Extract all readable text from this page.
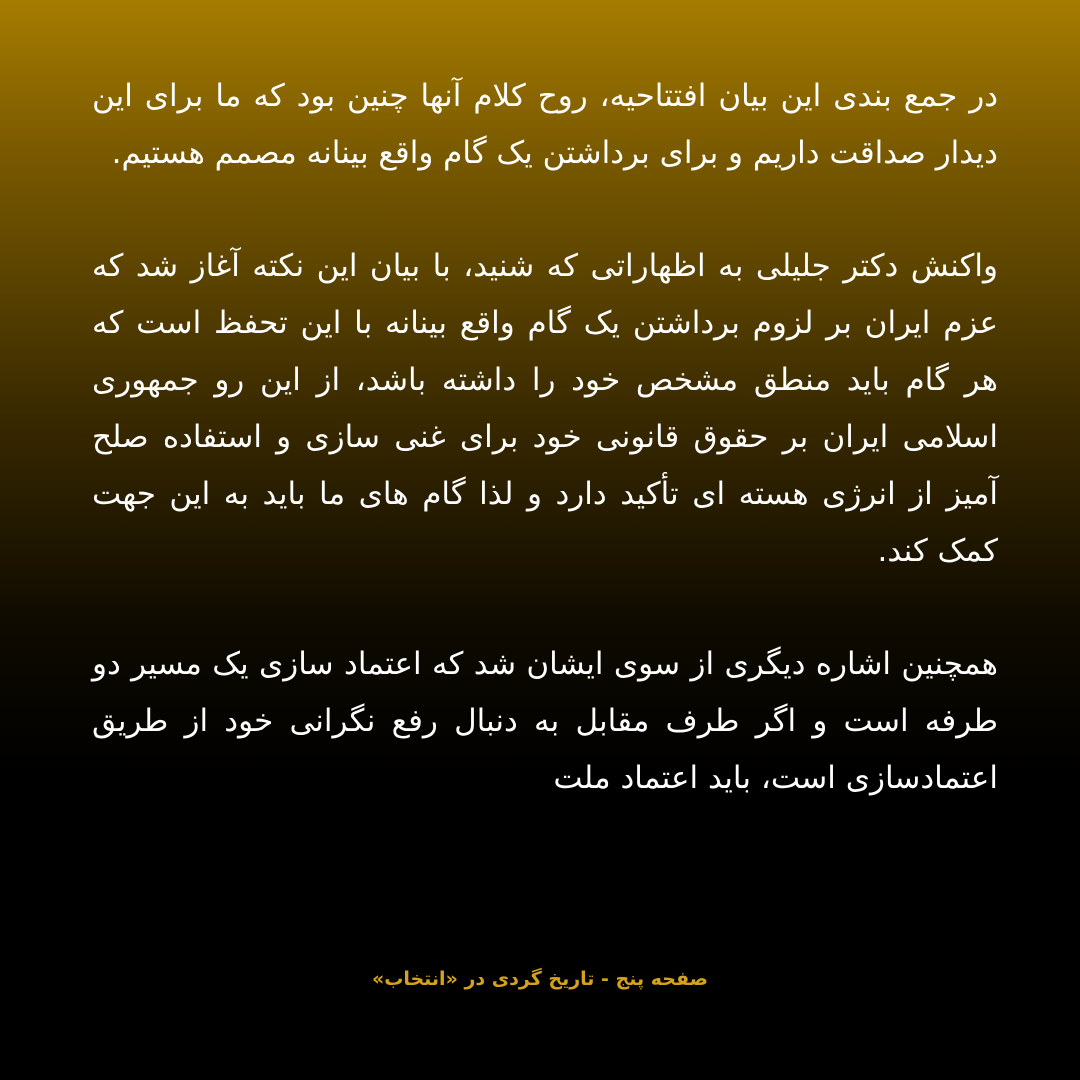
در جمع بندی این بیان افتتاحیه، روح کلام آنها چنین بود که ما برای این دیدار صداقت داریم و برای برداشتن یک گام واقع بینانه مصمم هستیم.

واکنش دکتر جلیلی به اظهاراتی که شنید، با بیان این نکته آغاز شد که عزم ایران بر لزوم برداشتن یک گام واقع بینانه با این تحفظ است که هر گام باید منطق مشخص خود را داشته باشد، از این رو جمهوری اسلامی ایران بر حقوق قانونی خود برای غنی سازی و استفاده صلح آمیز از انرژی هسته ای تأکید دارد و لذا گام های ما باید به این جهت کمک کند.

همچنین اشاره دیگری از سوی ایشان شد که اعتماد سازی یک مسیر دو طرفه است و اگر طرف مقابل به دنبال رفع نگرانی خود از طریق اعتمادسازی است، باید اعتماد ملت

صفحه پنج - تاریخ گردی در «انتخاب»
